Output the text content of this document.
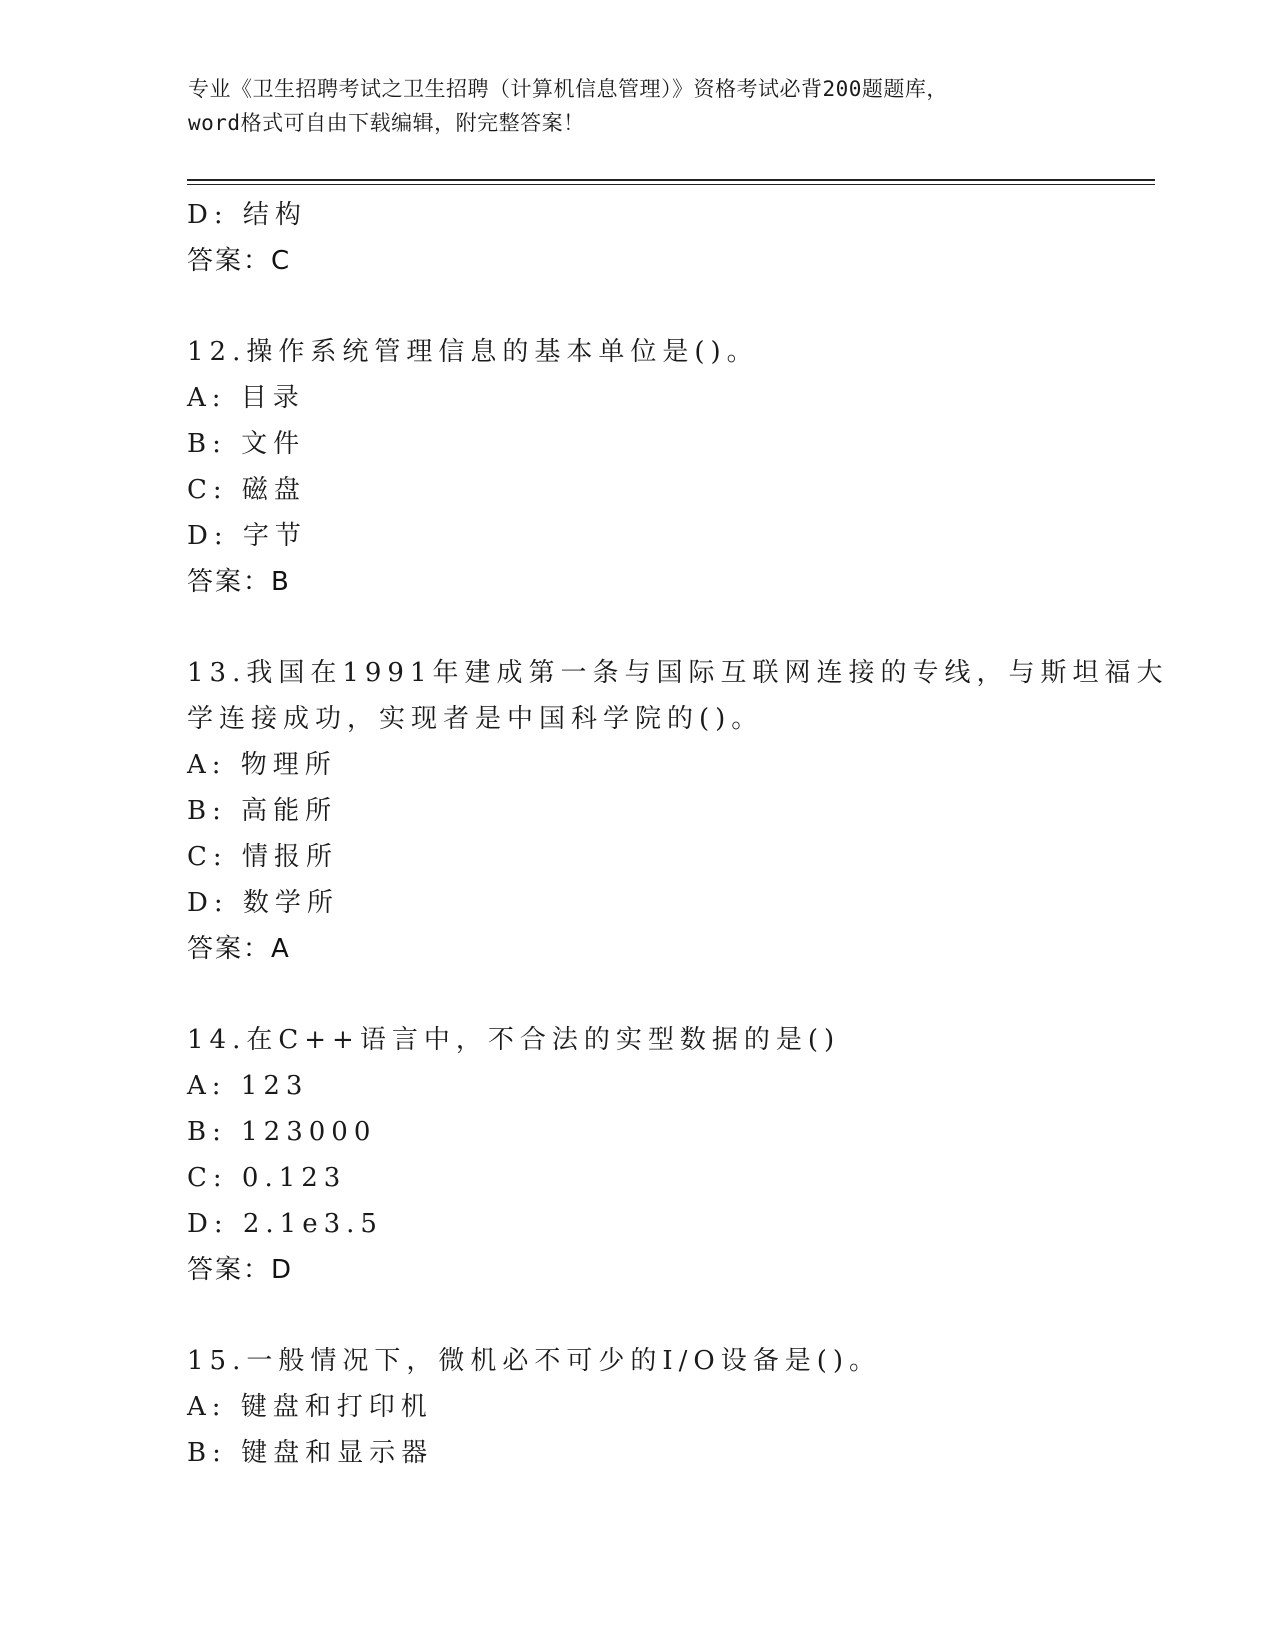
专业《卫生招聘考试之卫生招聘（计算机信息管理）》资格考试必背200题题库，
word格式可自由下载编辑，附完整答案！
D: 结构
答案：C
12.操作系统管理信息的基本单位是()。
A: 目录
B: 文件
C: 磁盘
D: 字节
答案：B
13.我国在1991年建成第一条与国际互联网连接的专线，与斯坦福大
学连接成功，实现者是中国科学院的()。
A: 物理所
B: 高能所
C: 情报所
D: 数学所
答案：A
14.在C++语言中，不合法的实型数据的是()
A: 123
B: 123000
C: 0.123
D: 2.1e3.5
答案：D
15.一般情况下，微机必不可少的I/O设备是()。
A: 键盘和打印机
B: 键盘和显示器
